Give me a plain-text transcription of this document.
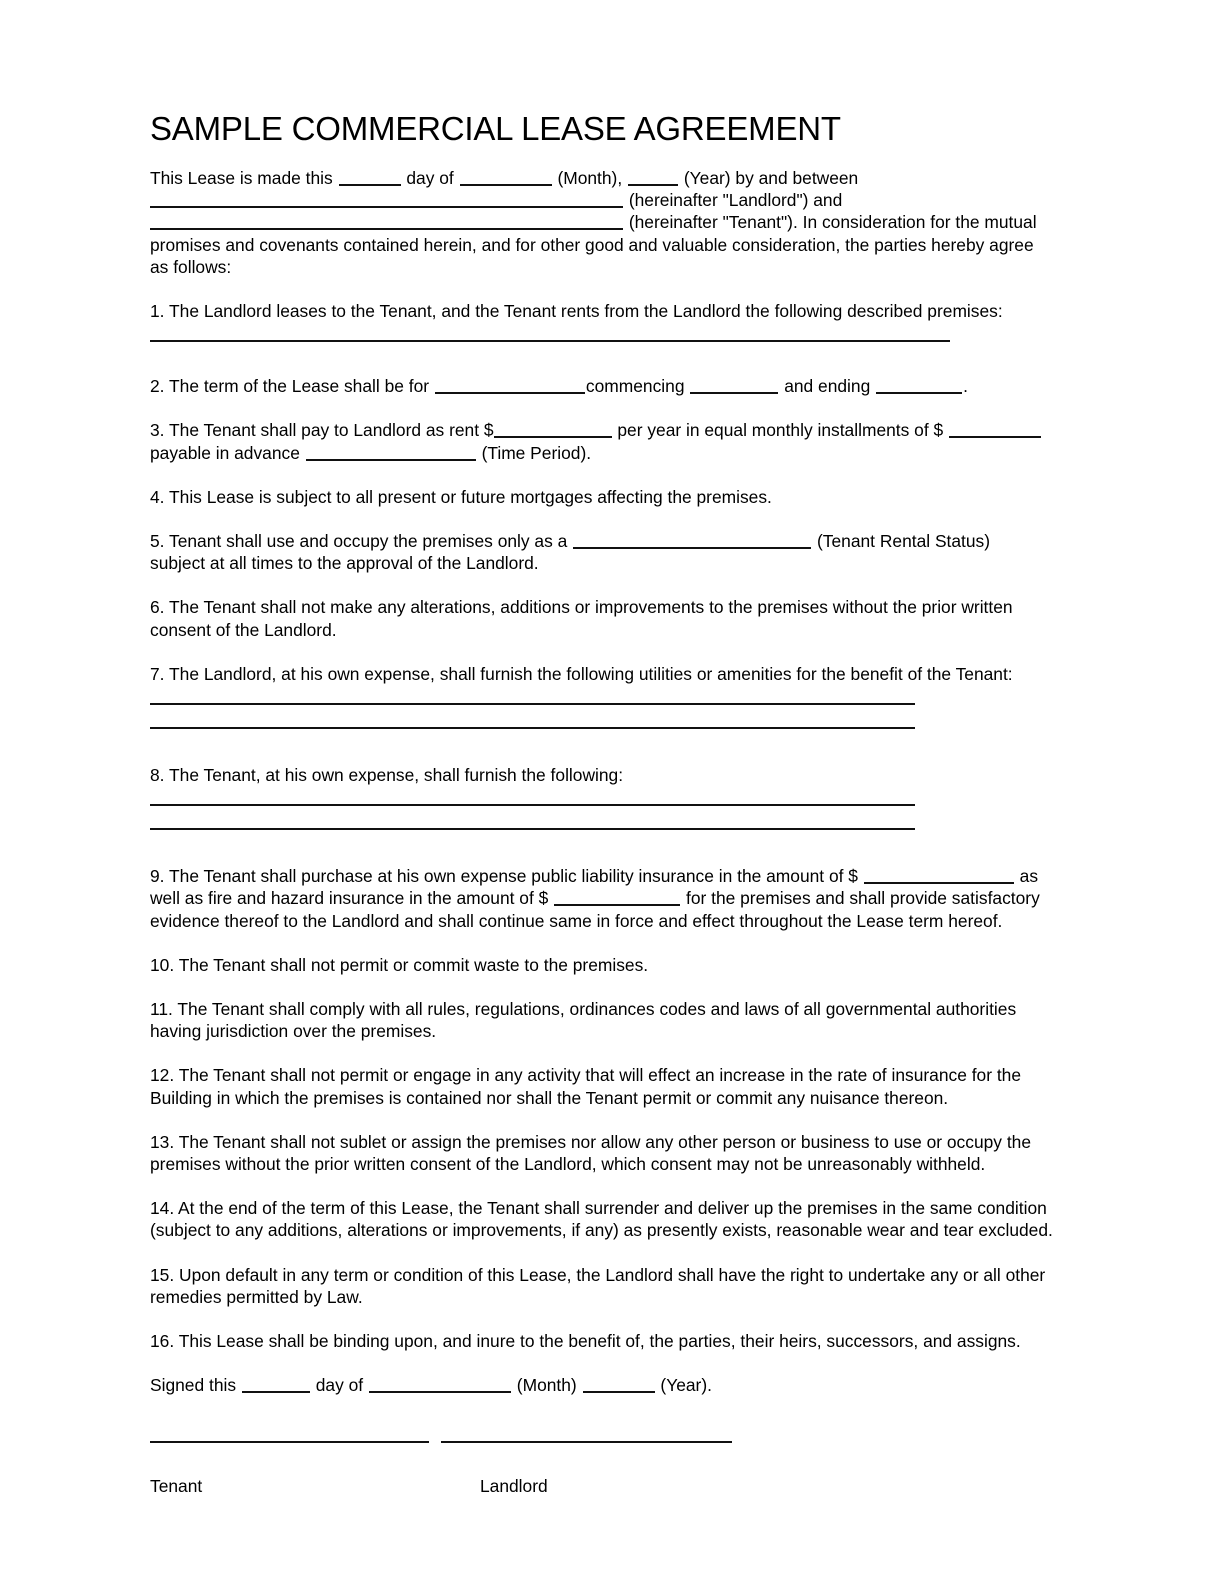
SAMPLE COMMERCIAL LEASE AGREEMENT
This Lease is made this	day of	(Month),	(Year) by and between
(hereinafter "Landlord") and
(hereinafter "Tenant"). In consideration for the mutual
promises and covenants contained herein, and for other good and valuable consideration, the parties hereby agree
as follows:
1. The Landlord leases to the Tenant, and the Tenant rents from the Landlord the following described premises:
2. The term of the Lease shall be for	commencing	and ending	.
3. The Tenant shall pay to Landlord as rent $	per year in equal monthly installments of $
payable in advance	(Time Period).
4. This Lease is subject to all present or future mortgages affecting the premises.
5. Tenant shall use and occupy the premises only as a	(Tenant Rental Status)
subject at all times to the approval of the Landlord.
6. The Tenant shall not make any alterations, additions or improvements to the premises without the prior written consent of the Landlord.
7. The Landlord, at his own expense, shall furnish the following utilities or amenities for the benefit of the Tenant:
8. The Tenant, at his own expense, shall furnish the following:
9. The Tenant shall purchase at his own expense public liability insurance in the amount of $	as well as fire and hazard insurance in the amount of $	for the premises and shall provide satisfactory evidence thereof to the Landlord and shall continue same in force and effect throughout the Lease term hereof.
10. The Tenant shall not permit or commit waste to the premises.
11. The Tenant shall comply with all rules, regulations, ordinances codes and laws of all governmental authorities having jurisdiction over the premises.
12. The Tenant shall not permit or engage in any activity that will effect an increase in the rate of insurance for the Building in which the premises is contained nor shall the Tenant permit or commit any nuisance thereon.
13. The Tenant shall not sublet or assign the premises nor allow any other person or business to use or occupy the premises without the prior written consent of the Landlord, which consent may not be unreasonably withheld.
14. At the end of the term of this Lease, the Tenant shall surrender and deliver up the premises in the same condition (subject to any additions, alterations or improvements, if any) as presently exists, reasonable wear and tear excluded.
15. Upon default in any term or condition of this Lease, the Landlord shall have the right to undertake any or all other remedies permitted by Law.
16. This Lease shall be binding upon, and inure to the benefit of, the parties, their heirs, successors, and assigns.
Signed this	day of	(Month)	(Year).
Tenant	Landlord
